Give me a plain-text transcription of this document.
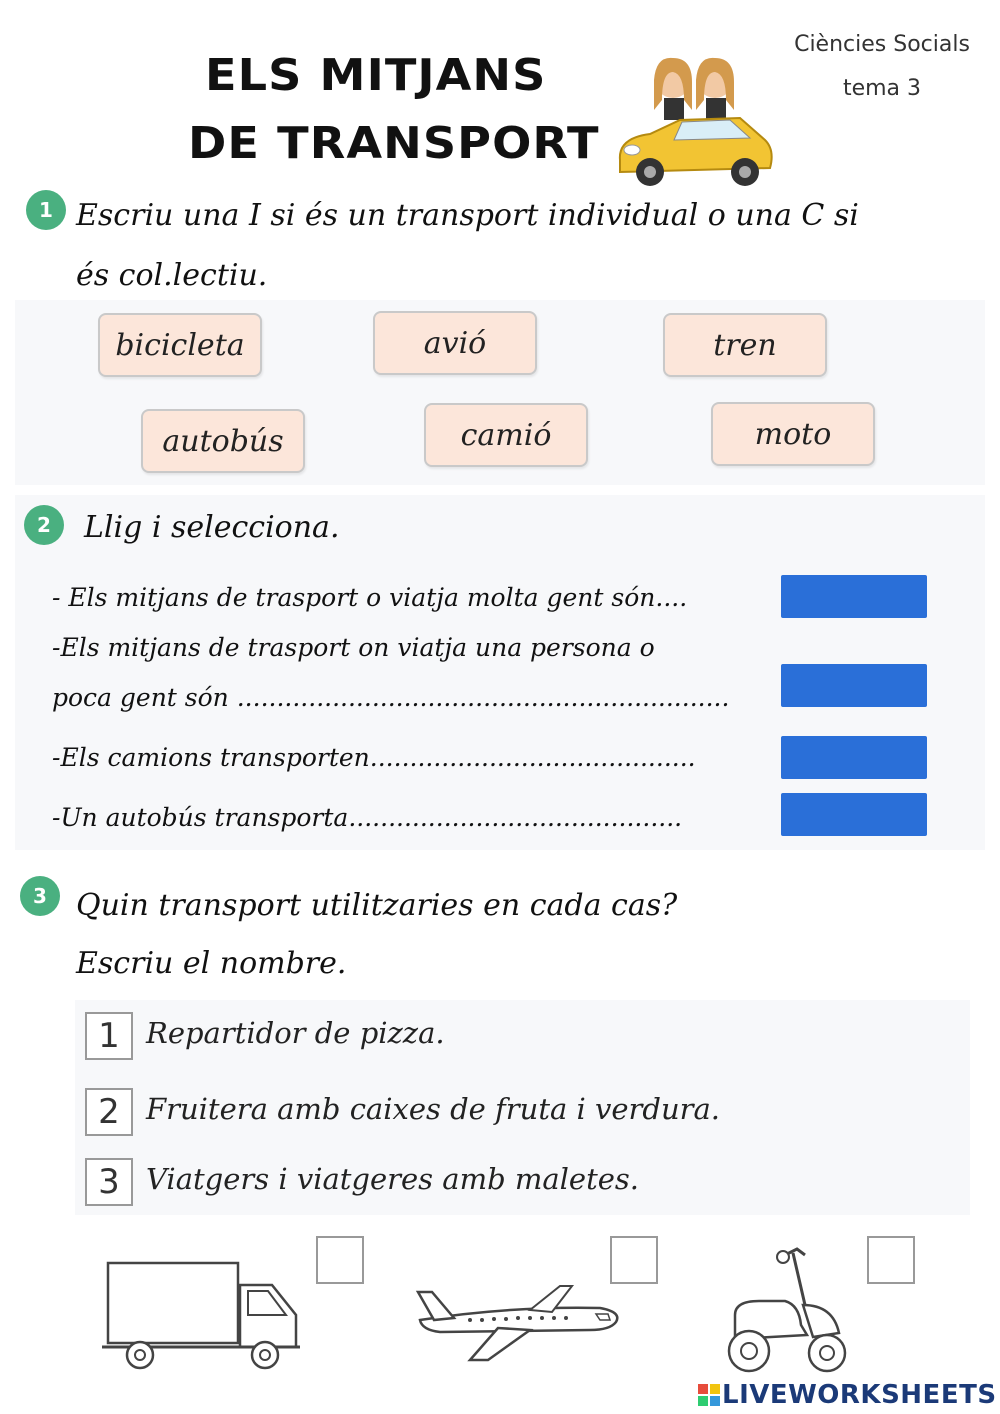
ELS MITJANS
DE TRANSPORT
Ciències Socials
tema 3
1 Escriu una I si és un transport individual o una C si
és col.lectiu.
bicicleta	avió	tren
autobús	camió	moto
2	Llig i selecciona.
- Els mitjans de trasport o viatja molta gent són....
-Els mitjans de trasport on viatja una persona o
poca gent són ..............................................................
-Els camions transporten.........................................
-Un autobús transporta..........................................
3 Quin transport utilitzaries en cada cas?
Escriu el nombre.
1 Repartidor de pizza.
2 Fruitera amb caixes de fruta i verdura.
3 Viatgers i viatgeres amb maletes.
LIVEWORKSHEETS
